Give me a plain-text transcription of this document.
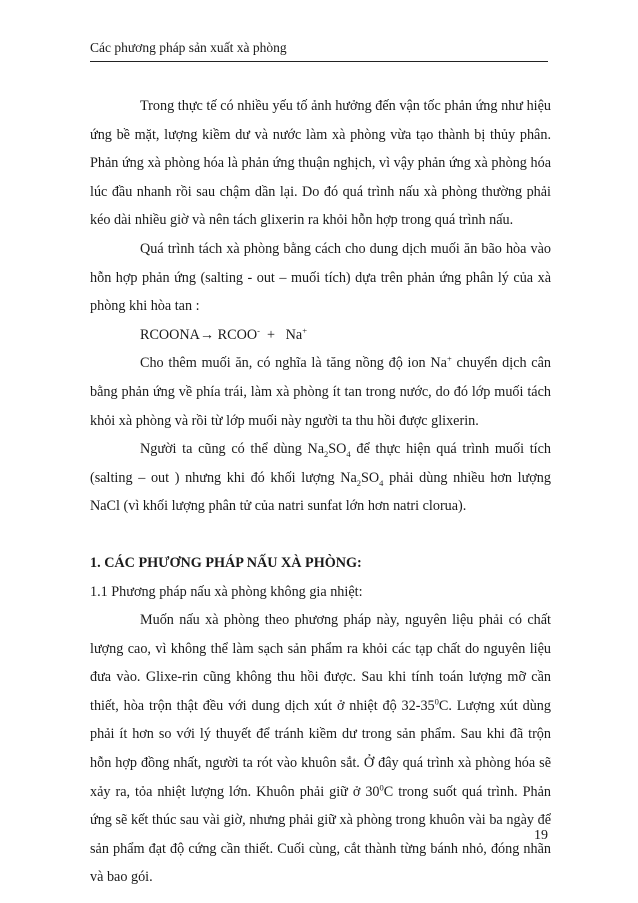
Các phương pháp sản xuất xà phòng

Trong thực tế có nhiều yếu tố ảnh hưởng đến vận tốc phản ứng như hiệu ứng bề mặt, lượng kiềm dư và nước làm xà phòng vừa tạo thành bị thủy phân. Phản ứng xà phòng hóa là phản ứng thuận nghịch, vì vậy phản ứng xà phòng hóa lúc đầu nhanh rồi sau chậm dần lại. Do đó quá trình nấu xà phòng thường phải kéo dài nhiều giờ và nên tách glixerin ra khỏi hỗn hợp trong quá trình nấu.

Quá trình tách xà phòng bằng cách cho dung dịch muối ăn bão hòa vào hỗn hợp phản ứng (salting - out – muối tích) dựa trên phản ứng phân lý của xà phòng khi hòa tan :

RCOONA→ RCOO-  +   Na+

Cho thêm muối ăn, có nghĩa là tăng nồng độ ion Na+ chuyển dịch cân bằng phản ứng về phía trái, làm xà phòng ít tan trong nước, do đó lớp muối tách khỏi xà phòng và rồi từ lớp muối này người ta thu hồi được glixerin.

Người ta cũng có thể dùng $Na_2SO_4$ để thực hiện quá trình muối tích (salting – out ) nhưng khi đó khối lượng $Na_2SO_4$ phải dùng nhiều hơn lượng NaCl (vì khối lượng phân tử của natri sunfat lớn hơn natri clorua).

1. CÁC PHƯƠNG PHÁP NẤU XÀ PHÒNG:

1.1 Phương pháp nấu xà phòng không gia nhiệt:

Muốn nấu xà phòng theo phương pháp này, nguyên liệu phải có chất lượng cao, vì không thể làm sạch sản phẩm ra khỏi các tạp chất do nguyên liệu đưa vào. Glixe-rin cũng không thu hồi được. Sau khi tính toán lượng mỡ cần thiết, hòa trộn thật đều với dung dịch xút ở nhiệt độ $32-35^0C$. Lượng xút dùng phải ít hơn so với lý thuyết để tránh kiềm dư trong sản phẩm. Sau khi đã trộn hỗn hợp đồng nhất, người ta rót vào khuôn sắt. Ở đây quá trình xà phòng hóa sẽ xảy ra, tỏa nhiệt lượng lớn. Khuôn phải giữ ở $30^0C$ trong suốt quá trình. Phản ứng sẽ kết thúc sau vài giờ, nhưng phải giữ xà phòng trong khuôn vài ba ngày để sản phẩm đạt độ cứng cần thiết. Cuối cùng, cắt thành từng bánh nhỏ, đóng nhãn và bao gói.

19
